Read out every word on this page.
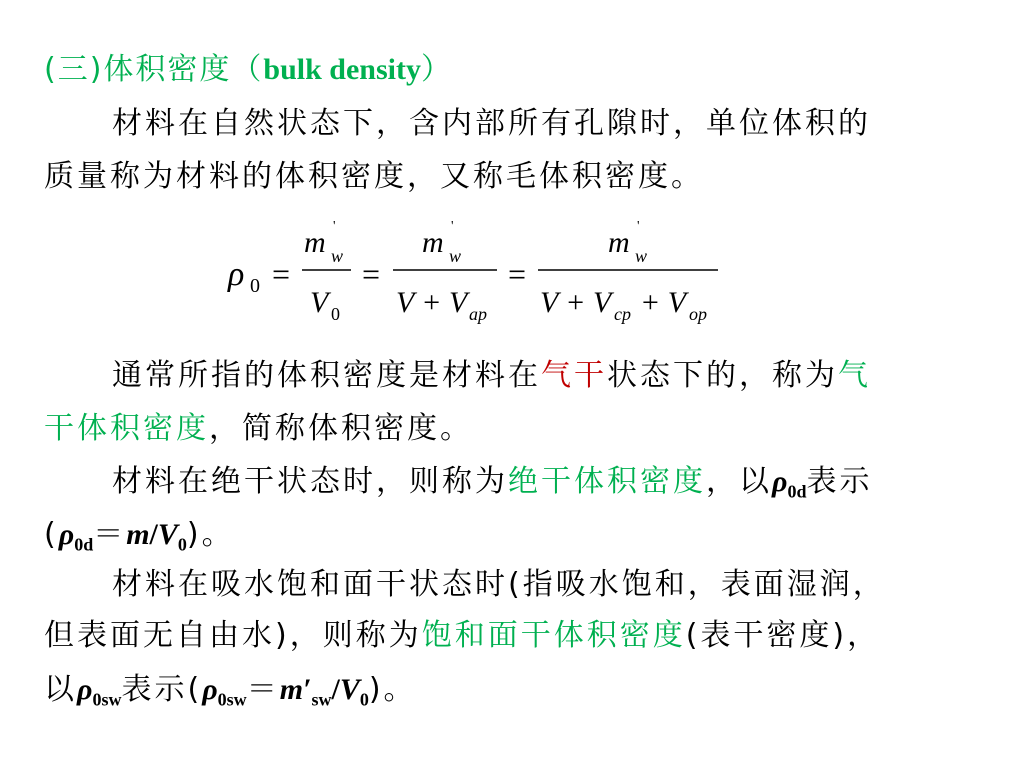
(三)体积密度（bulk density）
材料在自然状态下，含内部所有孔隙时，单位体积的
质量称为材料的体积密度，又称毛体积密度。
ρ 0 =
m '
w
V 0
=
m '
w
V + V ap
=
m '
w
V + V cp + V op
通常所指的体积密度是材料在气干状态下的，称为气
干体积密度，简称体积密度。
材料在绝干状态时，则称为绝干体积密度，以$\rho_{0d}$表示
$(\rho_{0d}=m/V_0)$。
材料在吸水饱和面干状态时(指吸水饱和，表面湿润，
但表面无自由水)，则称为饱和面干体积密度(表干密度)，
以$\rho_{0sw}$表示$(\rho_{0sw}=m'_{sw}/V_0)$。
